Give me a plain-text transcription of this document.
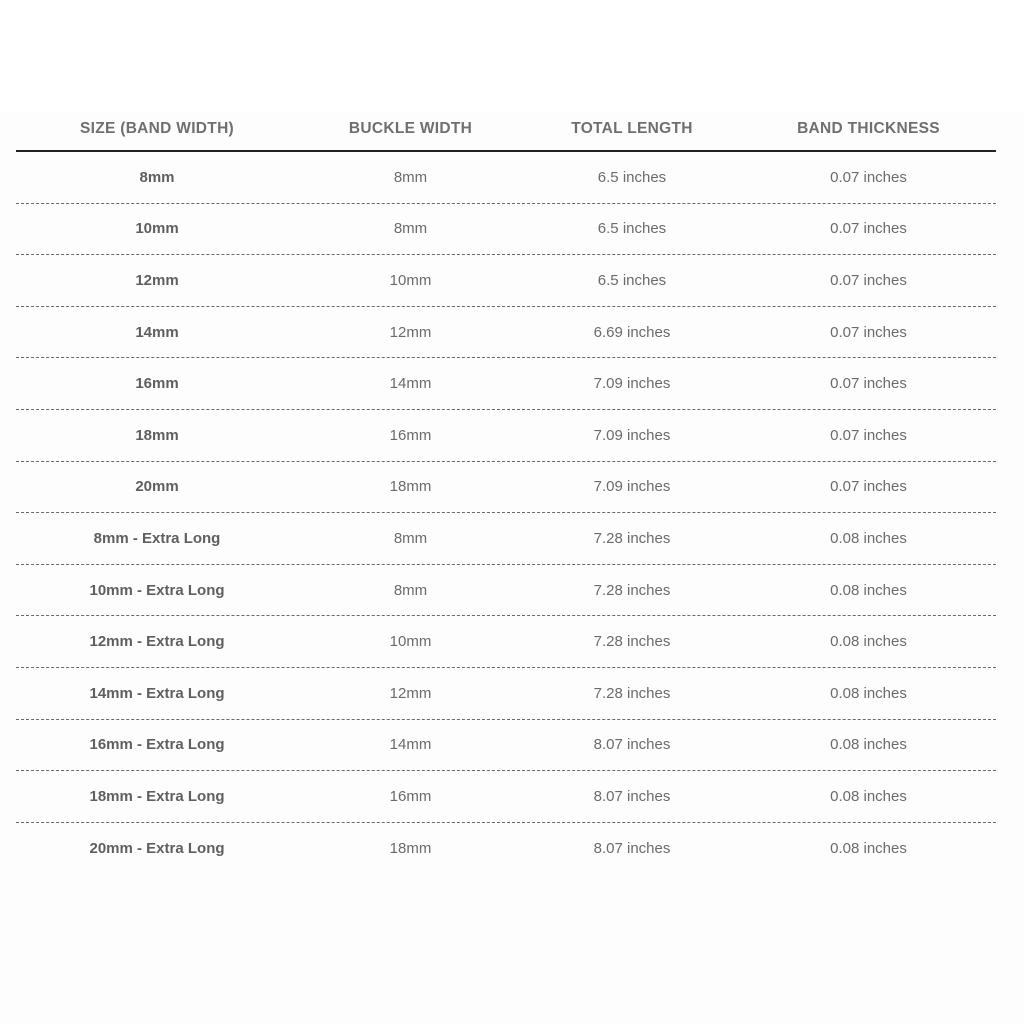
SIZE (BAND WIDTH)	BUCKLE WIDTH	TOTAL LENGTH	BAND THICKNESS
8mm	8mm	6.5 inches	0.07 inches
10mm	8mm	6.5 inches	0.07 inches
12mm	10mm	6.5 inches	0.07 inches
14mm	12mm	6.69 inches	0.07 inches
16mm	14mm	7.09 inches	0.07 inches
18mm	16mm	7.09 inches	0.07 inches
20mm	18mm	7.09 inches	0.07 inches
8mm - Extra Long	8mm	7.28 inches	0.08 inches
10mm - Extra Long	8mm	7.28 inches	0.08 inches
12mm - Extra Long	10mm	7.28 inches	0.08 inches
14mm - Extra Long	12mm	7.28 inches	0.08 inches
16mm - Extra Long	14mm	8.07 inches	0.08 inches
18mm - Extra Long	16mm	8.07 inches	0.08 inches
20mm - Extra Long	18mm	8.07 inches	0.08 inches
